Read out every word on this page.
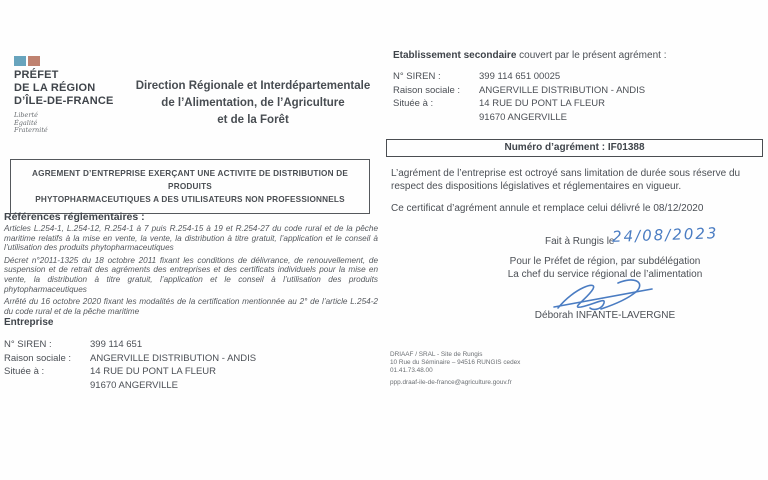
PRÉFET
DE LA RÉGION
D’ÎLE-DE-FRANCE
Liberté
Égalité
Fraternité
Direction Régionale et Interdépartementale
de l’Alimentation, de l’Agriculture
et de la Forêt
AGREMENT D’ENTREPRISE EXERÇANT UNE ACTIVITE DE DISTRIBUTION DE PRODUITS
PHYTOPHARMACEUTIQUES A DES UTILISATEURS NON PROFESSIONNELS
Références réglementaires :

Articles L.254-1, L.254-12, R.254-1 à 7 puis R.254-15 à 19 et R.254-27 du code rural et de la pêche maritime relatifs à la mise en vente, la vente, la distribution à titre gratuit, l’application et le conseil à l’utilisation des produits phytopharmaceutiques

Décret n°2011-1325 du 18 octobre 2011 fixant les conditions de délivrance, de renouvellement, de suspension et de retrait des agréments des entreprises et des certificats individuels pour la mise en vente, la distribution à titre gratuit, l’application et le conseil à l’utilisation des produits phytopharmaceutiques

Arrêté du 16 octobre 2020 fixant les modalités de la certification mentionnée au 2° de l’article L.254-2 du code rural et de la pêche maritime

Entreprise
N° SIREN :	399 114 651
Raison sociale :	ANGERVILLE DISTRIBUTION - ANDIS
Située à :	14 RUE DU PONT LA FLEUR
91670 ANGERVILLE
Etablissement secondaire couvert par le présent agrément :
N° SIREN :	399 114 651 00025
Raison sociale :	ANGERVILLE DISTRIBUTION - ANDIS
Située à :	14 RUE DU PONT LA FLEUR
91670 ANGERVILLE
Numéro d’agrément : IF01388
L’agrément de l’entreprise est octroyé sans limitation de durée sous réserve du respect des dispositions législatives et réglementaires en vigueur.
Ce certificat d’agrément annule et remplace celui délivré le 08/12/2020
Fait à Rungis le
24/08/2023
Pour le Préfet de région, par subdélégation
La chef du service régional de l’alimentation
Déborah INFANTE-LAVERGNE
DRIAAF / SRAL - Site de Rungis
10 Rue du Séminaire – 94516 RUNGIS cedex
01.41.73.48.00
ppp.draaf-ile-de-france@agriculture.gouv.fr
